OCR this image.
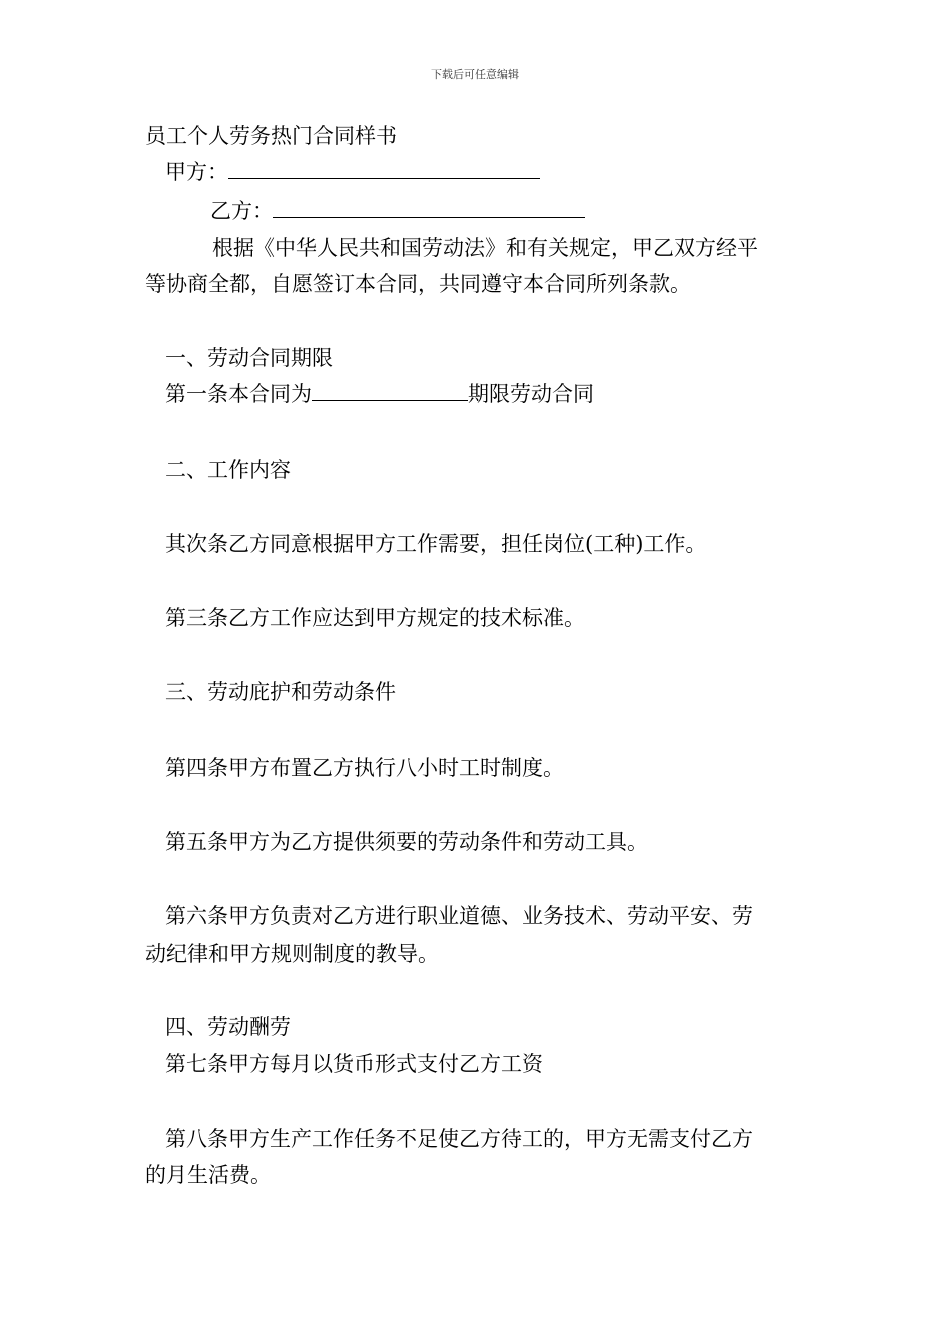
下载后可任意编辑
员工个人劳务热门合同样书
甲方：
乙方：
根据《中华人民共和国劳动法》和有关规定，甲乙双方经平
等协商全都，自愿签订本合同，共同遵守本合同所列条款。
一、劳动合同期限
第一条本合同为	期限劳动合同
二、工作内容
其次条乙方同意根据甲方工作需要，担任岗位(工种)工作。
第三条乙方工作应达到甲方规定的技术标准。
三、劳动庇护和劳动条件
第四条甲方布置乙方执行八小时工时制度。
第五条甲方为乙方提供须要的劳动条件和劳动工具。
第六条甲方负责对乙方进行职业道德、业务技术、劳动平安、劳
动纪律和甲方规则制度的教导。
四、劳动酬劳
第七条甲方每月以货币形式支付乙方工资
第八条甲方生产工作任务不足使乙方待工的，甲方无需支付乙方
的月生活费。
